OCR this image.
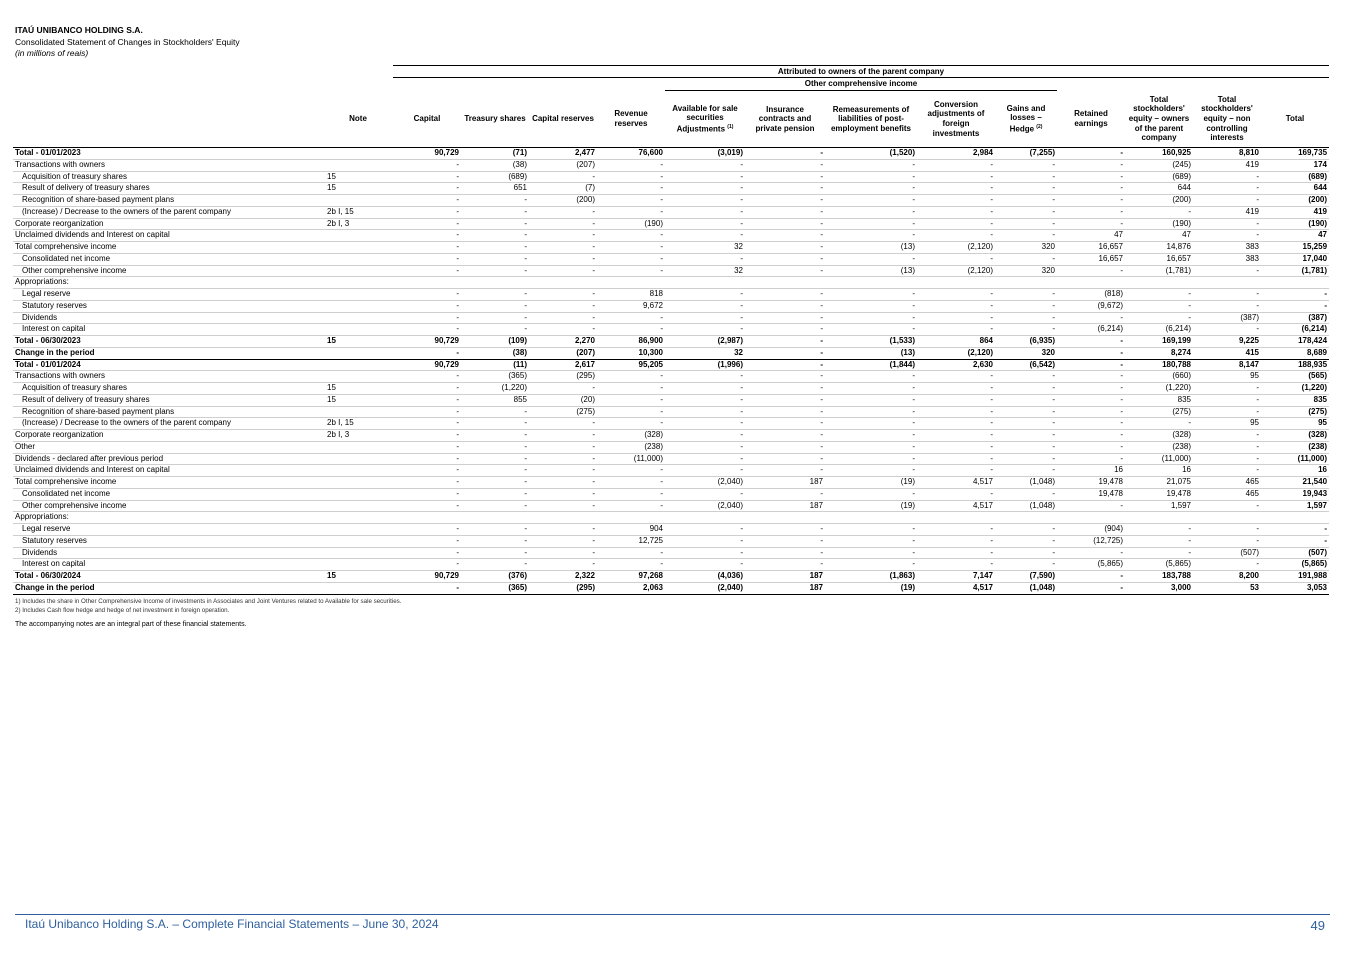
ITAÚ UNIBANCO HOLDING S.A.
Consolidated Statement of Changes in Stockholders' Equity
(in millions of reais)
		Attributed to owners of the parent company												
						Other comprehensive income								
	Note	Capital	Treasury shares	Capital reserves	Revenue reserves	Available for sale securities Adjustments $^{(1)}$	Insurance contracts and private pension	Remeasurements of liabilities of post-employment benefits	Conversion adjustments of foreign investments	Gains and losses – Hedge $^{(2)}$	Retained earnings	Total stockholders' equity – owners of the parent company	Total stockholders' equity – non controlling interests	Total
Total - 01/01/2023		90,729	(71)	2,477	76,600	(3,019)	-	(1,520)	2,984	(7,255)	-	160,925	8,810	169,735
Transactions with owners		-	(38)	(207)	-	-	-	-	-	-	-	(245)	419	174
Acquisition of treasury shares	15	-	(689)	-	-	-	-	-	-	-	-	(689)	-	(689)
Result of delivery of treasury shares	15	-	651	(7)	-	-	-	-	-	-	-	644	-	644
Recognition of share-based payment plans		-	-	(200)	-	-	-	-	-	-	-	(200)	-	(200)
(Increase) / Decrease to the owners of the parent company	2b I, 15	-	-	-	-	-	-	-	-	-	-	-	419	419
Corporate reorganization	2b I, 3	-	-	-	(190)	-	-	-	-	-	-	(190)	-	(190)
Unclaimed dividends and Interest on capital		-	-	-	-	-	-	-	-	-	47	47	-	47
Total comprehensive income		-	-	-	-	32	-	(13)	(2,120)	320	16,657	14,876	383	15,259
Consolidated net income		-	-	-	-	-	-	-	-	-	16,657	16,657	383	17,040
Other comprehensive income		-	-	-	-	32	-	(13)	(2,120)	320	-	(1,781)	-	(1,781)
Appropriations:														
Legal reserve		-	-	-	818	-	-	-	-	-	(818)	-	-	-
Statutory reserves		-	-	-	9,672	-	-	-	-	-	(9,672)	-	-	-
Dividends		-	-	-	-	-	-	-	-	-	-	-	(387)	(387)
Interest on capital		-	-	-	-	-	-	-	-	-	(6,214)	(6,214)	-	(6,214)
Total - 06/30/2023	15	90,729	(109)	2,270	86,900	(2,987)	-	(1,533)	864	(6,935)	-	169,199	9,225	178,424
Change in the period		-	(38)	(207)	10,300	32	-	(13)	(2,120)	320	-	8,274	415	8,689
Total - 01/01/2024		90,729	(11)	2,617	95,205	(1,996)	-	(1,844)	2,630	(6,542)	-	180,788	8,147	188,935
Transactions with owners		-	(365)	(295)	-	-	-	-	-	-	-	(660)	95	(565)
Acquisition of treasury shares	15	-	(1,220)	-	-	-	-	-	-	-	-	(1,220)	-	(1,220)
Result of delivery of treasury shares	15	-	855	(20)	-	-	-	-	-	-	-	835	-	835
Recognition of share-based payment plans		-	-	(275)	-	-	-	-	-	-	-	(275)	-	(275)
(Increase) / Decrease to the owners of the parent company	2b I, 15	-	-	-	-	-	-	-	-	-	-	-	95	95
Corporate reorganization	2b I, 3	-	-	-	(328)	-	-	-	-	-	-	(328)	-	(328)
Other		-	-	-	(238)	-	-	-	-	-	-	(238)	-	(238)
Dividends - declared after previous period		-	-	-	(11,000)	-	-	-	-	-	-	(11,000)	-	(11,000)
Unclaimed dividends and Interest on capital		-	-	-	-	-	-	-	-	-	16	16	-	16
Total comprehensive income		-	-	-	-	(2,040)	187	(19)	4,517	(1,048)	19,478	21,075	465	21,540
Consolidated net income		-	-	-	-	-	-	-	-	-	19,478	19,478	465	19,943
Other comprehensive income		-	-	-	-	(2,040)	187	(19)	4,517	(1,048)	-	1,597	-	1,597
Appropriations:														
Legal reserve		-	-	-	904	-	-	-	-	-	(904)	-	-	-
Statutory reserves		-	-	-	12,725	-	-	-	-	-	(12,725)	-	-	-
Dividends		-	-	-	-	-	-	-	-	-	-	-	(507)	(507)
Interest on capital		-	-	-	-	-	-	-	-	-	(5,865)	(5,865)	-	(5,865)
Total - 06/30/2024	15	90,729	(376)	2,322	97,268	(4,036)	187	(1,863)	7,147	(7,590)	-	183,788	8,200	191,988
Change in the period		-	(365)	(295)	2,063	(2,040)	187	(19)	4,517	(1,048)	-	3,000	53	3,053
1) Includes the share in Other Comprehensive Income of investments in Associates and Joint Ventures related to Available for sale securities.
2) Includes Cash flow hedge and hedge of net investment in foreign operation.
The accompanying notes are an integral part of these financial statements.
Itaú Unibanco Holding S.A. – Complete Financial Statements – June 30, 2024	49
